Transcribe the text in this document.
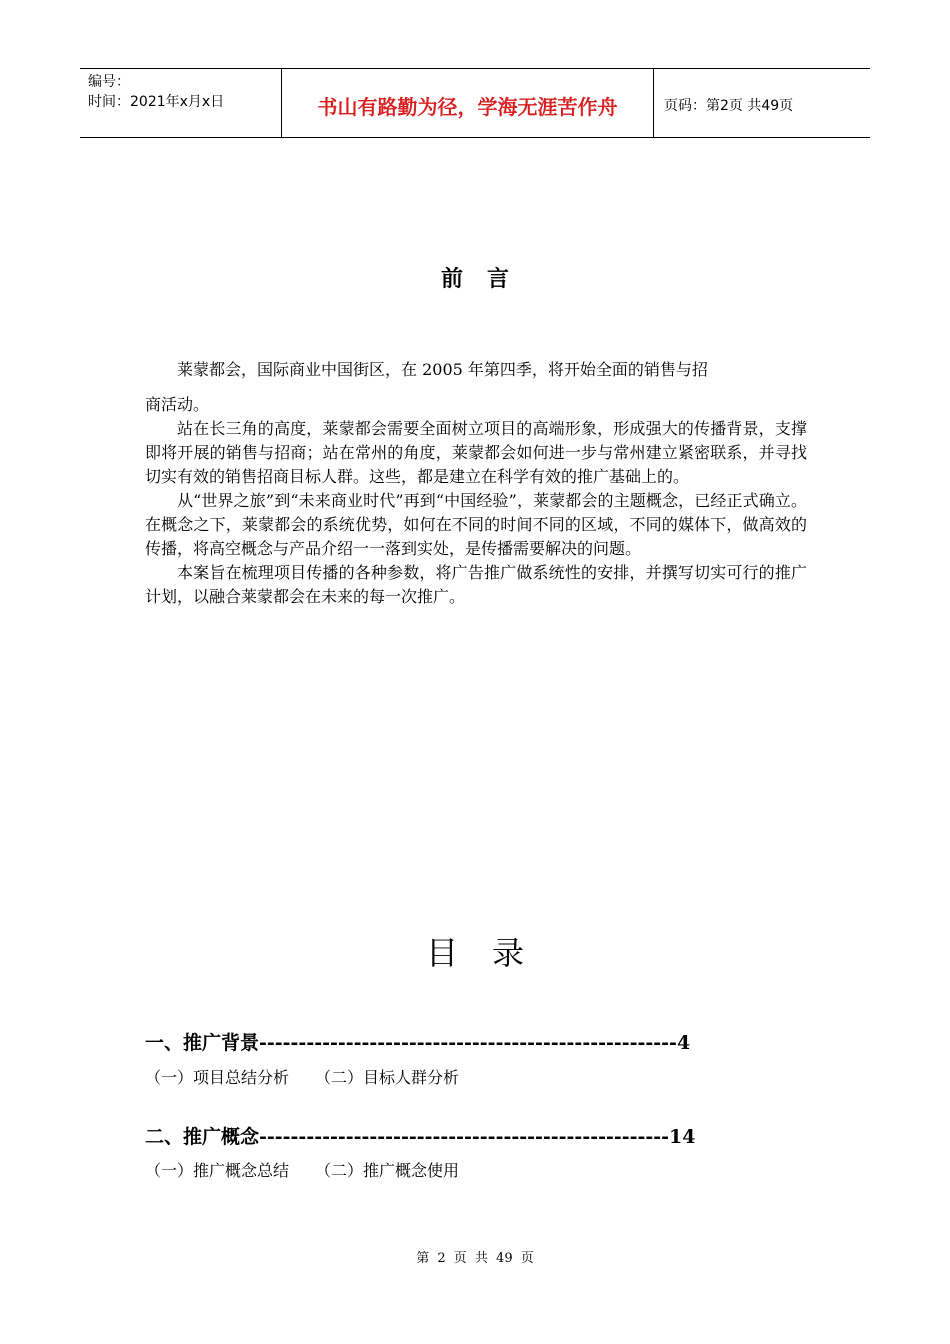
编号：
时间：2021年x月x日	书山有路勤为径，学海无涯苦作舟	页码：第2页 共49页
前言

莱蒙都会，国际商业中国街区，在 2005 年第四季，将开始全面的销售与招

商活动。

站在长三角的高度，莱蒙都会需要全面树立项目的高端形象，形成强大的传播背景，支撑即将开展的销售与招商；站在常州的角度，莱蒙都会如何进一步与常州建立紧密联系，并寻找切实有效的销售招商目标人群。这些，都是建立在科学有效的推广基础上的。

从“世界之旅”到“未来商业时代”再到“中国经验”，莱蒙都会的主题概念，已经正式确立。在概念之下，莱蒙都会的系统优势，如何在不同的时间不同的区域，不同的媒体下，做高效的传播，将高空概念与产品介绍一一落到实处，是传播需要解决的问题。

本案旨在梳理项目传播的各种参数，将广告推广做系统性的安排，并撰写切实可行的推广计划，以融合莱蒙都会在未来的每一次推广。

目录
一、推广背景-----------------------------------------------------4
（一）项目总结分析 （二）目标人群分析
二、推广概念----------------------------------------------------14
（一）推广概念总结 （二）推广概念使用
第 2 页 共 49 页
